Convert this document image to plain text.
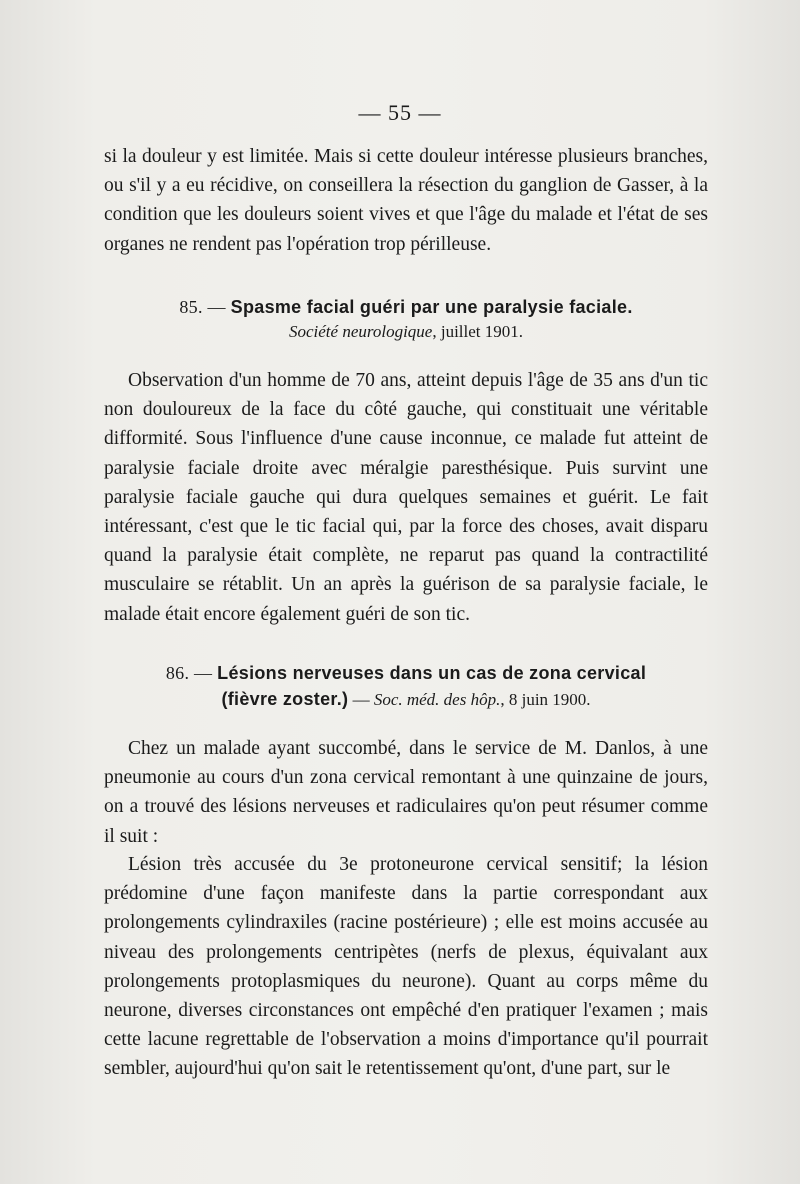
— 55 —

si la douleur y est limitée. Mais si cette douleur intéresse plusieurs branches, ou s'il y a eu récidive, on conseillera la résection du ganglion de Gasser, à la condition que les douleurs soient vives et que l'âge du malade et l'état de ses organes ne rendent pas l'opération trop périlleuse.

85. — Spasme facial guéri par une paralysie faciale.
Société neurologique, juillet 1901.

Observation d'un homme de 70 ans, atteint depuis l'âge de 35 ans d'un tic non douloureux de la face du côté gauche, qui constituait une véritable difformité. Sous l'influence d'une cause inconnue, ce malade fut atteint de paralysie faciale droite avec méralgie paresthésique. Puis survint une paralysie faciale gauche qui dura quelques semaines et guérit. Le fait intéressant, c'est que le tic facial qui, par la force des choses, avait disparu quand la paralysie était complète, ne reparut pas quand la contractilité musculaire se rétablit. Un an après la guérison de sa paralysie faciale, le malade était encore également guéri de son tic.

86. — Lésions nerveuses dans un cas de zona cervical
(fièvre zoster.) — Soc. méd. des hôp., 8 juin 1900.

Chez un malade ayant succombé, dans le service de M. Danlos, à une pneumonie au cours d'un zona cervical remontant à une quinzaine de jours, on a trouvé des lésions nerveuses et radiculaires qu'on peut résumer comme il suit :

Lésion très accusée du 3e protoneurone cervical sensitif; la lésion prédomine d'une façon manifeste dans la partie correspondant aux prolongements cylindraxiles (racine postérieure) ; elle est moins accusée au niveau des prolongements centripètes (nerfs de plexus, équivalant aux prolongements protoplasmiques du neurone). Quant au corps même du neurone, diverses circonstances ont empêché d'en pratiquer l'examen ; mais cette lacune regrettable de l'observation a moins d'importance qu'il pourrait sembler, aujourd'hui qu'on sait le retentissement qu'ont, d'une part, sur le
